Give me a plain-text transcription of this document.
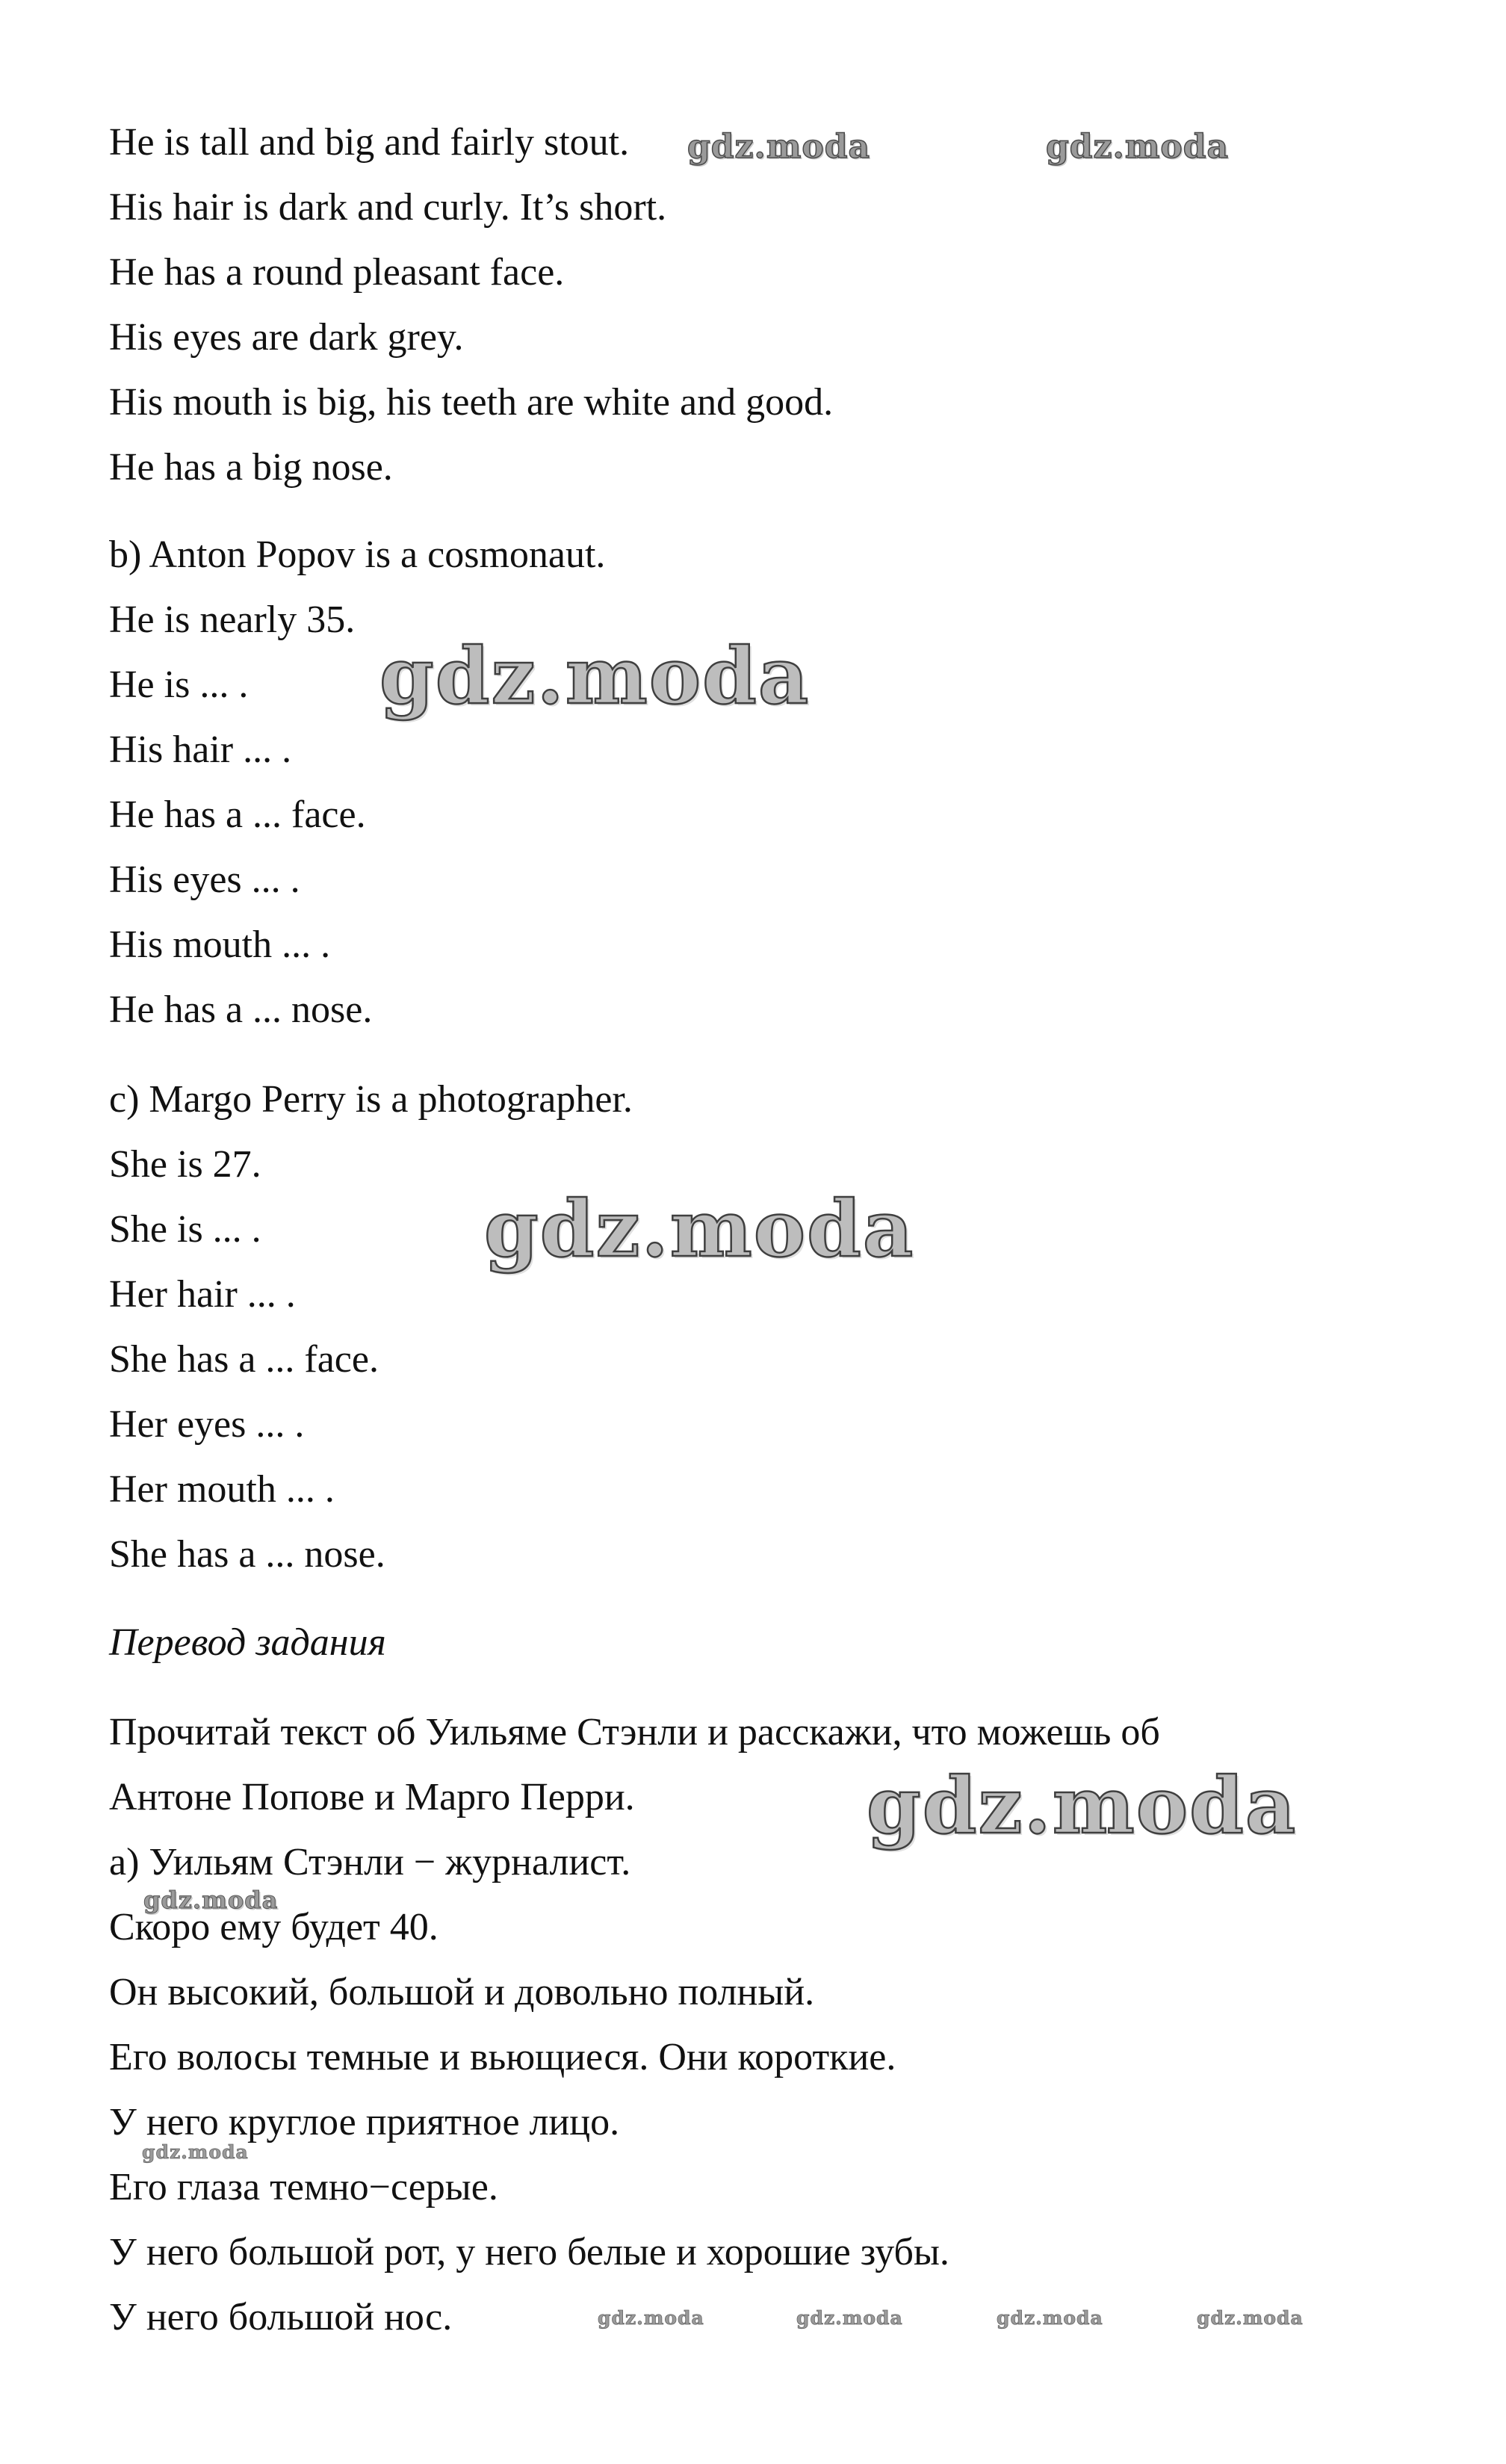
He is tall and big and fairly stout.
His hair is dark and curly. It’s short.
He has a round pleasant face.
His eyes are dark grey.
His mouth is big, his teeth are white and good.
He has a big nose.
b) Anton Popov is a cosmonaut.
He is nearly 35.
He is ... .
His hair ... .
He has a ... face.
His eyes ... .
His mouth ... .
He has a ... nose.
c) Margo Perry is a photographer.
She is 27.
She is ... .
Her hair ... .
She has a ... face.
Her eyes ... .
Her mouth ... .
She has a ... nose.
Перевод задания
Прочитай текст об Уильяме Стэнли и расскажи, что можешь об
Антоне Попове и Марго Перри.
a) Уильям Стэнли − журналист.
Скоро ему будет 40.
Он высокий, большой и довольно полный.
Его волосы темные и вьющиеся. Они короткие.
У него круглое приятное лицо.
Его глаза темно−серые.
У него большой рот, у него белые и хорошие зубы.
У него большой нос.
gdz.moda	gdz.moda
gdz.moda
gdz.moda
gdz.moda
gdz.moda
gdz.moda
gdz.moda	gdz.moda	gdz.moda	gdz.moda
